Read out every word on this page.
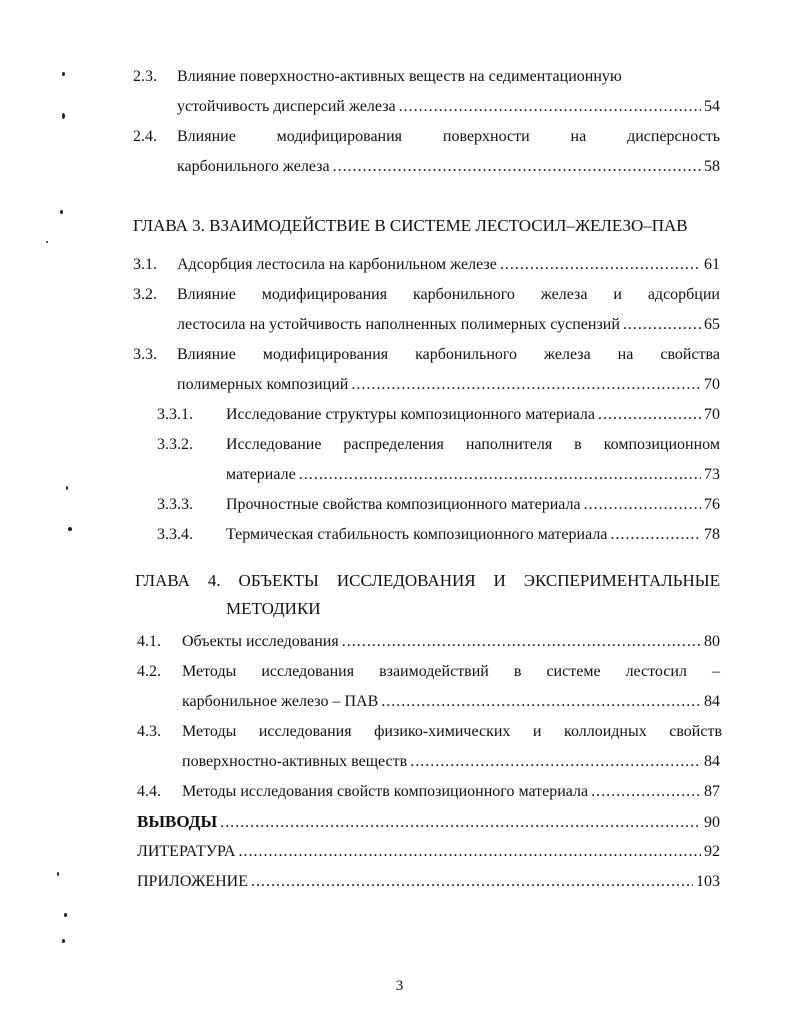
2.3. Влияние поверхностно-активных веществ на седиментационную
устойчивость дисперсий железа .....	54
2.4. Влияние модифицирования поверхности на дисперсность
карбонильного железа .....	58
ГЛАВА 3. ВЗАИМОДЕЙСТВИЕ В СИСТЕМЕ ЛЕСТОСИЛ–ЖЕЛЕЗО–ПАВ
3.1. Адсорбция лестосила на карбонильном железе .....	61
3.2. Влияние модифицирования карбонильного железа и адсорбции
лестосила на устойчивость наполненных полимерных суспензий .....	65
3.3. Влияние модифицирования карбонильного железа на свойства
полимерных композиций .....	70
3.3.1. Исследование структуры композиционного материала .....	70
3.3.2. Исследование распределения наполнителя в композиционном
материале .....	73
3.3.3. Прочностные свойства композиционного материала .....	76
3.3.4. Термическая стабильность композиционного материала .....	78
ГЛАВА 4. ОБЪЕКТЫ ИССЛЕДОВАНИЯ И ЭКСПЕРИМЕНТАЛЬНЫЕ
МЕТОДИКИ
4.1. Объекты исследования .....	80
4.2. Методы исследования взаимодействий в системе лестосил –
карбонильное железо – ПАВ .....	84
4.3. Методы исследования физико-химических и коллоидных свойств
поверхностно-активных веществ .....	84
4.4. Методы исследования свойств композиционного материала .....	87
ВЫВОДЫ .....	90
ЛИТЕРАТУРА .....	92
ПРИЛОЖЕНИЕ .....	103
3
